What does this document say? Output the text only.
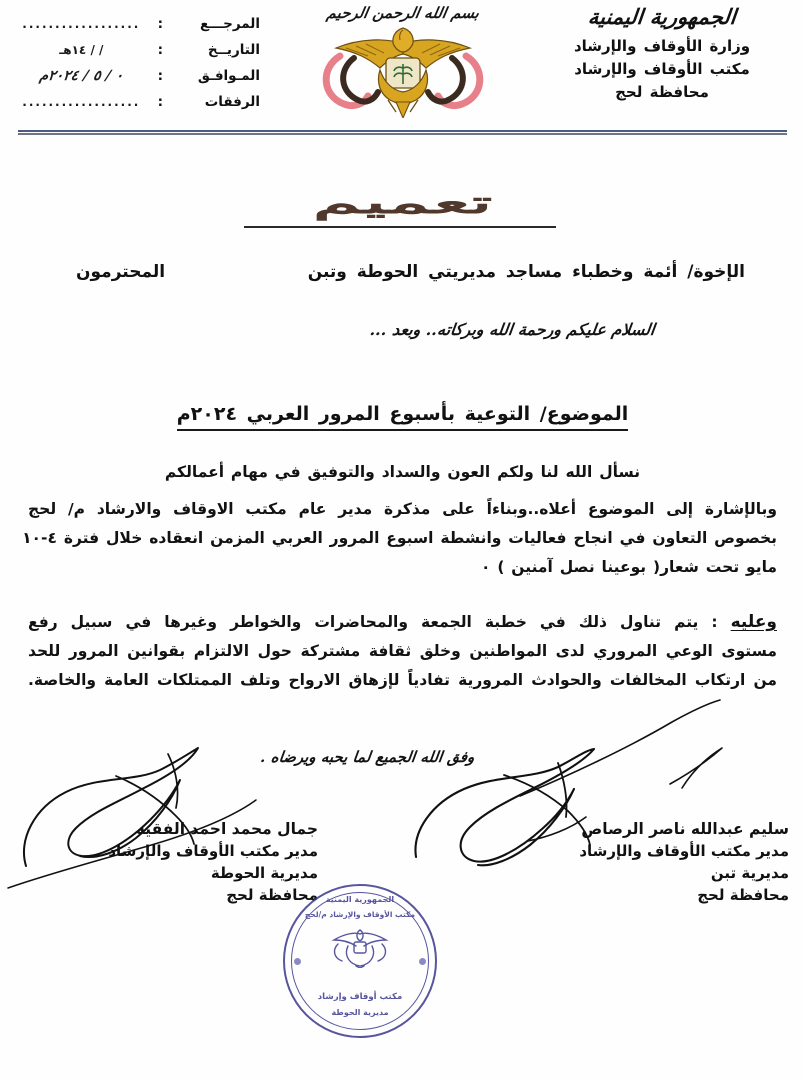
الجمهورية اليمنية
وزارة الأوقاف والإرشاد
مكتب الأوقاف والإرشاد
محافظة لحج
بسم الله الرحمن الرحيم
المرجـــع
:
..................
التاريــخ
:
/ / ١٤هـ
المـوافـق
:
٠ / ٥ / ٢٠٢٤م
الرفقات
:
..................
تعميم
الإخوة/ أئمة وخطباء مساجد مديريتي الحوطة وتبن
المحترمون
السلام عليكم ورحمة الله وبركاته.. وبعد ...
الموضوع/ التوعية بأسبوع المرور العربي ٢٠٢٤م
نسأل الله لنا ولكم العون والسداد والتوفيق في مهام أعمالكم
وبالإشارة إلى الموضوع أعلاه..وبناءاً على مذكرة مدير عام مكتب الاوقاف والارشاد م/ لحج
بخصوص التعاون في انجاح فعاليات وانشطة اسبوع المرور العربي المزمن انعقاده خلال فترة ٤-١٠
مايو تحت شعار( بوعينا نصل آمنين ) ٠
وعليه : يتم تناول ذلك في خطبة الجمعة والمحاضرات والخواطر وغيرها في سبيل رفع
مستوى الوعي المروري لدى المواطنين وخلق ثقافة مشتركة حول الالتزام بقوانين المرور للحد
من ارتكاب المخالفات والحوادث المرورية تفادياً لإزهاق الارواح وتلف الممتلكات العامة والخاصة.
وفق الله الجميع لما يحبه ويرضاه .
سليم عبدالله ناصر الرصاص
مدير مكتب الأوقاف والإرشاد
مديرية تبن
محافظة لحج
جمال محمد احمد الفقيه
مدير مكتب الأوقاف والإرشاد
مديرية الحوطة
محافظة لحج الجمهورية اليمنية
مكتب الأوقاف والإرشاد م/لحج
مكتب أوقاف وإرشاد
مديرية الحوطة
